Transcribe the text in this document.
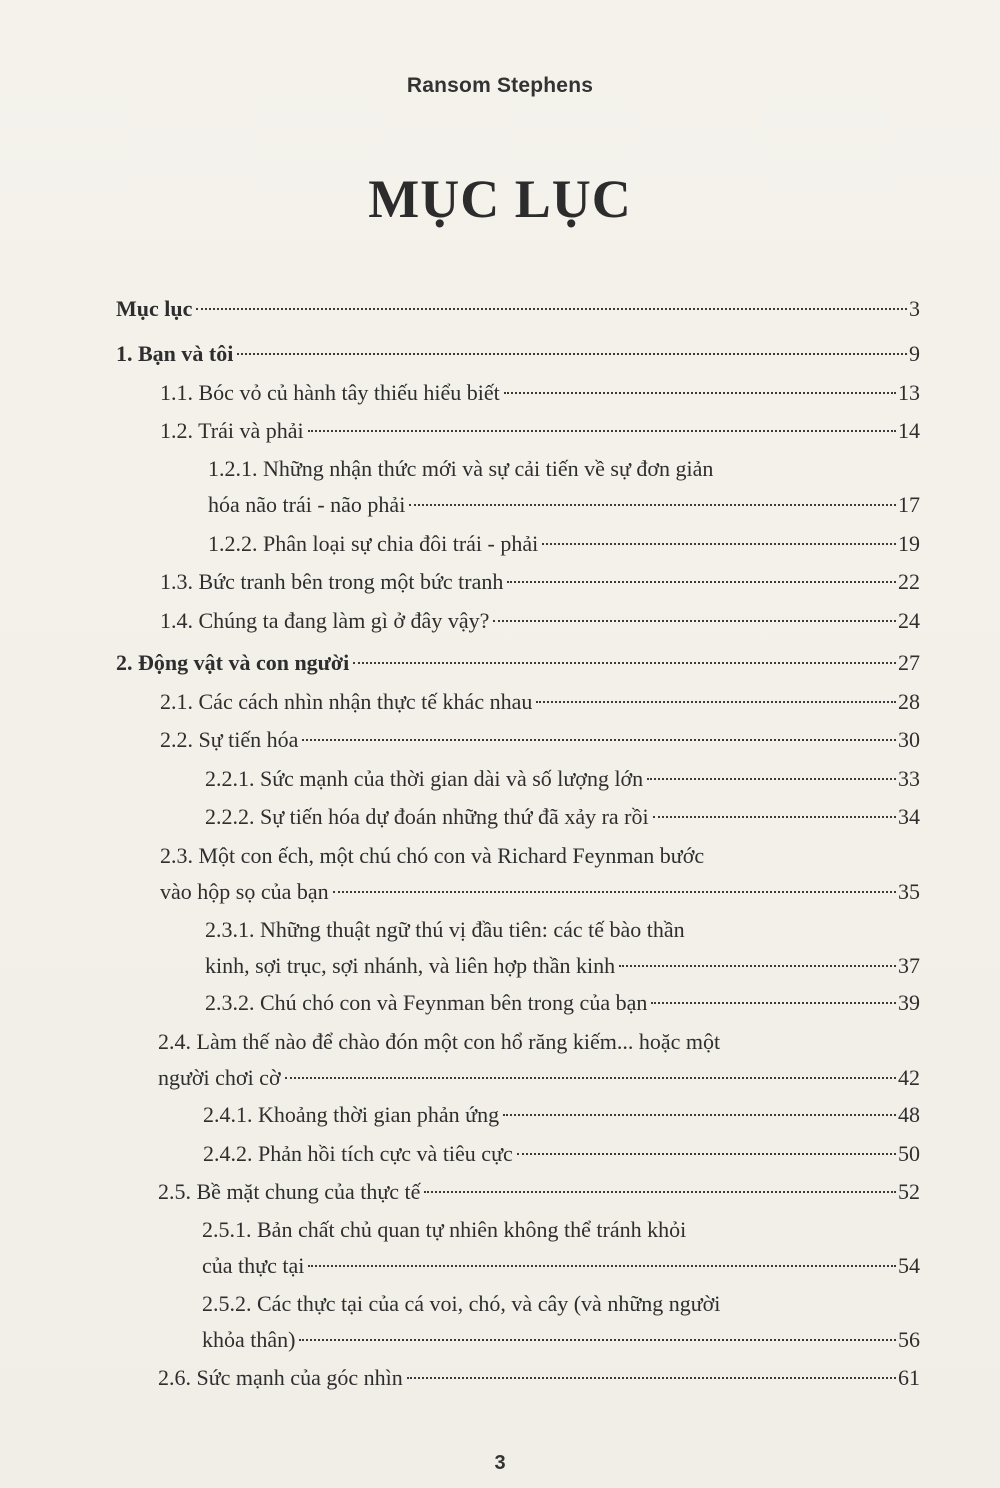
Ransom Stephens
MỤC LỤC
Mục lục	3
1. Bạn và tôi	9
1.1. Bóc vỏ củ hành tây thiếu hiểu biết	13
1.2. Trái và phải	14
1.2.1. Những nhận thức mới và sự cải tiến về sự đơn giản
hóa não trái - não phải	17
1.2.2. Phân loại sự chia đôi trái - phải	19
1.3. Bức tranh bên trong một bức tranh	22
1.4. Chúng ta đang làm gì ở đây vậy?	24
2. Động vật và con người	27
2.1. Các cách nhìn nhận thực tế khác nhau	28
2.2. Sự tiến hóa	30
2.2.1. Sức mạnh của thời gian dài và số lượng lớn	33
2.2.2. Sự tiến hóa dự đoán những thứ đã xảy ra rồi	34
2.3. Một con ếch, một chú chó con và Richard Feynman bước
vào hộp sọ của bạn	35
2.3.1. Những thuật ngữ thú vị đầu tiên: các tế bào thần
kinh, sợi trục, sợi nhánh, và liên hợp thần kinh	37
2.3.2. Chú chó con và Feynman bên trong của bạn	39
2.4. Làm thế nào để chào đón một con hổ răng kiếm... hoặc một
người chơi cờ	42
2.4.1. Khoảng thời gian phản ứng	48
2.4.2. Phản hồi tích cực và tiêu cực	50
2.5. Bề mặt chung của thực tế	52
2.5.1. Bản chất chủ quan tự nhiên không thể tránh khỏi
của thực tại	54
2.5.2. Các thực tại của cá voi, chó, và cây (và những người
khỏa thân)	56
2.6. Sức mạnh của góc nhìn	61
3
